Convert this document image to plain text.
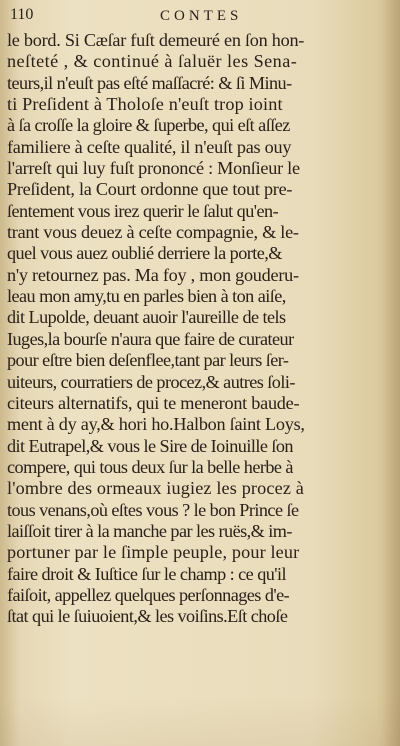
110	CONTES
le bord. Si Cæſar fuſt demeuré en ſon hon-
neſteté , & continué à ſaluër les Sena-
teurs,il n'euſt pas eſté maſſacré: & ſi Minu-
ti Preſident à Tholoſe n'euſt trop ioint
à ſa croſſe la gloire & ſuperbe, qui eſt aſſez
familiere à ceſte qualité, il n'euſt pas ouy
l'arreſt qui luy fuſt prononcé : Monſieur le
Preſident, la Court ordonne que tout pre-
ſentement vous irez querir le ſalut qu'en-
trant vous deuez à ceſte compagnie, & le-
quel vous auez oublié derriere la porte,&
n'y retournez pas. Ma foy , mon gouderu-
leau mon amy,tu en parles bien à ton aiſe,
dit Lupolde, deuant auoir l'aureille de tels
Iuges,la bourſe n'aura que faire de curateur
pour eſtre bien deſenflee,tant par leurs ſer-
uiteurs, courratiers de procez,& autres ſoli-
citeurs alternatifs, qui te meneront baude-
ment à dy ay,& hori ho.Halbon ſaint Loys,
dit Eutrapel,& vous le Sire de Ioinuille ſon
compere, qui tous deux ſur la belle herbe à
l'ombre des ormeaux iugiez les procez à
tous venans,où eſtes vous ? le bon Prince ſe
laiſſoit tirer à la manche par les ruës,& im-
portuner par le ſimple peuple, pour leur
faire droit & Iuſtice ſur le champ : ce qu'il
faiſoit, appellez quelques perſonnages d'e-
ſtat qui le ſuiuoient,& les voiſins.Eſt choſe
